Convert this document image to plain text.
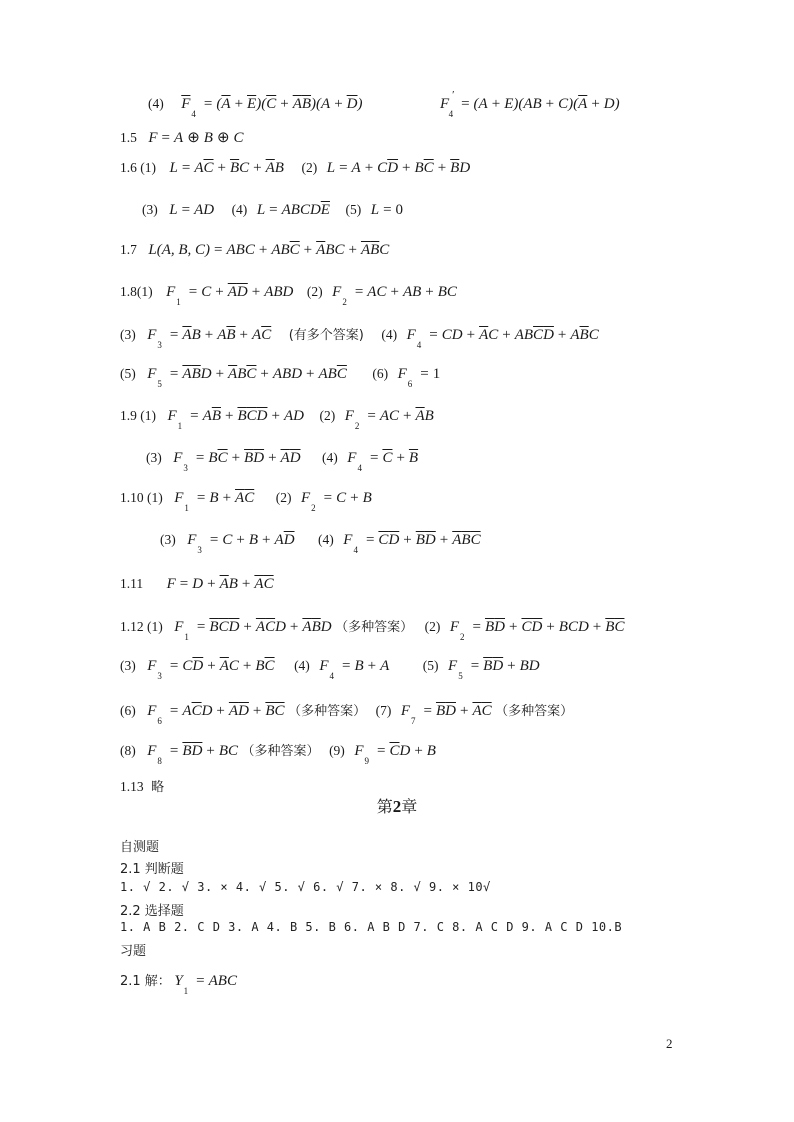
(4) $\overline{F}_4= (\overline{A} + \overline{E})(\overline{C} + \overline{A}\overline{B})(A + \overline{D})$	$F'_4= (A + E)(AB + C)(\overline{A} + D)$
1.5 F = A ⊕ B ⊕ C
1.6 (1) $L = A\overline{C} + \overline{B}C + \overline{A}B$ (2) $L = A + C\overline{D} + B\overline{C} + \overline{B}D$
(3) L = AD (4) $L = ABCD\overline{E}$ (5) L = 0
1.7 L(A, B, C) = ABC + $AB\overline{C} + \overline{A}BC + \overline{A}\overline{B}C$
1.8(1) $F_1= C + \overline{A}\overline{D}$ + ABD (2) $F_2=$ AC + AB + BC
(3) $F_3= \overline{A}B + A\overline{B} + A\overline{C}$ (有多个答案) (4) $F_4=$ CD + $\overline{A}C + AB\overline{C}\overline{D} + A\overline{B}C$
(5) $F_5= \overline{A}\overline{B}D + \overline{A}B\overline{C}$ + ABD + $AB\overline{C}$ (6) $F_6= 1$
1.9 (1) $F_1= A\overline{B} + \overline{B}\overline{C}\overline{D}$ + AD (2) $F_2=$ AC + $\overline{A}B$
(3) $F_3= B\overline{C} + \overline{B}\overline{D} + \overline{A}\overline{D}$ (4) $F_4= \overline{C} + \overline{B}$
1.10 (1) $F_1= B + \overline{A}\overline{C}$ (2) $F_2= C + B$
(3) $F_3= C + B + A\overline{D}$ (4) $F_4= \overline{C}\overline{D} + \overline{B}\overline{D} + \overline{A}\overline{B}\overline{C}$
1.11 $F = D + \overline{A}B + \overline{A}\overline{C}$
1.12 (1) $F_1= \overline{B}\overline{C}\overline{D} + \overline{A}\overline{C}D + \overline{A}\overline{B}D$ （多种答案） (2) $F_2= \overline{B}\overline{D} + \overline{C}\overline{D}$ + BCD + $\overline{B}\overline{C}$
(3) $F_3= C\overline{D} + \overline{A}C + B\overline{C}$ (4) $F_4= B + A$ (5) $F_5= \overline{B}\overline{D}$ + BD
(6) $F_6= A\overline{C}D + \overline{A}\overline{D} + \overline{B}\overline{C}$ （多种答案） (7) $F_7= \overline{B}\overline{D} + \overline{A}\overline{C}$ （多种答案）
(8) $F_8= \overline{B}\overline{D}$ + BC （多种答案） (9) $F_9= \overline{C}D + B$
1.13 略
第2章
自测题
2.1 判断题
1. √ 2. √ 3. × 4. √ 5. √ 6. √ 7. × 8. √ 9. × 10√
2.2 选择题
1. A B 2. C D 3. A 4. B 5. B 6. A B D 7. C 8. A C D 9. A C D 10.B
习题
2.1 解： $Y_1=$ ABC
2
